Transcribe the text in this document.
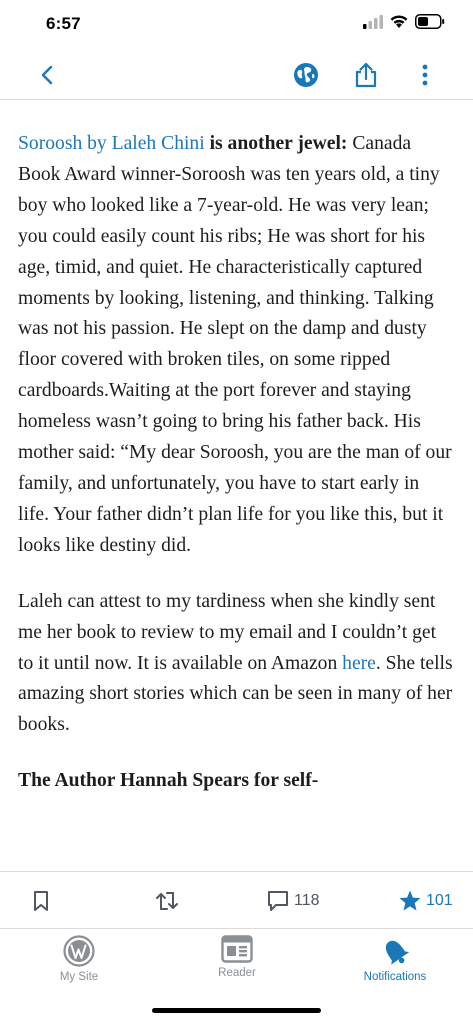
6:57

Soroosh by Laleh Chini is another jewel: Canada Book Award winner-Soroosh was ten years old, a tiny boy who looked like a 7-year-old. He was very lean; you could easily count his ribs; He was short for his age, timid, and quiet. He characteristically captured moments by looking, listening, and thinking. Talking was not his passion. He slept on the damp and dusty floor covered with broken tiles, on some ripped cardboards.Waiting at the port forever and staying homeless wasn’t going to bring his father back. His mother said: “My dear Soroosh, you are the man of our family, and unfortunately, you have to start early in life. Your father didn’t plan life for you like this, but it looks like destiny did.

Laleh can attest to my tardiness when she kindly sent me her book to review to my email and I couldn’t get to it until now. It is available on Amazon here. She tells amazing short stories which can be seen in many of her books.

The Author Hannah Spears for self-

118	101
My Site	Reader	Notifications
